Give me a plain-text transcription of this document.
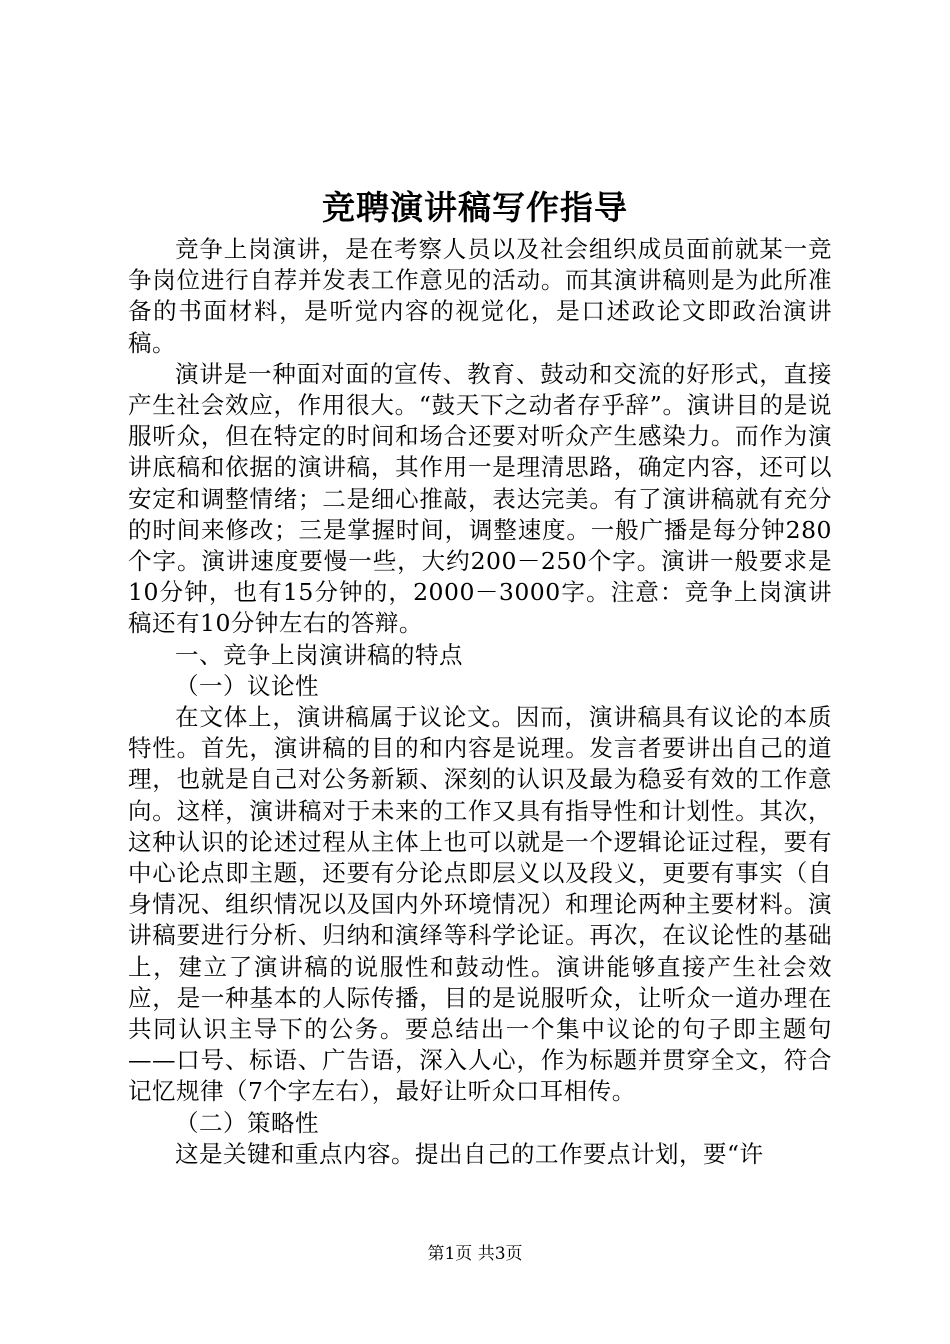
竞聘演讲稿写作指导

竞争上岗演讲，是在考察人员以及社会组织成员面前就某一竞争岗位进行自荐并发表工作意见的活动。而其演讲稿则是为此所准备的书面材料，是听觉内容的视觉化，是口述政论文即政治演讲稿。

演讲是一种面对面的宣传、教育、鼓动和交流的好形式，直接产生社会效应，作用很大。“鼓天下之动者存乎辞”。演讲目的是说服听众，但在特定的时间和场合还要对听众产生感染力。而作为演讲底稿和依据的演讲稿，其作用一是理清思路，确定内容，还可以安定和调整情绪；二是细心推敲，表达完美。有了演讲稿就有充分的时间来修改；三是掌握时间，调整速度。一般广播是每分钟280个字。演讲速度要慢一些，大约200－250个字。演讲一般要求是10分钟，也有15分钟的，2000－3000字。注意：竞争上岗演讲稿还有10分钟左右的答辩。

一、竞争上岗演讲稿的特点

（一）议论性

在文体上，演讲稿属于议论文。因而，演讲稿具有议论的本质特性。首先，演讲稿的目的和内容是说理。发言者要讲出自己的道理，也就是自己对公务新颖、深刻的认识及最为稳妥有效的工作意向。这样，演讲稿对于未来的工作又具有指导性和计划性。其次，这种认识的论述过程从主体上也可以就是一个逻辑论证过程，要有中心论点即主题，还要有分论点即层义以及段义，更要有事实（自身情况、组织情况以及国内外环境情况）和理论两种主要材料。演讲稿要进行分析、归纳和演绎等科学论证。再次，在议论性的基础上，建立了演讲稿的说服性和鼓动性。演讲能够直接产生社会效应，是一种基本的人际传播，目的是说服听众，让听众一道办理在共同认识主导下的公务。要总结出一个集中议论的句子即主题句——口号、标语、广告语，深入人心，作为标题并贯穿全文，符合记忆规律（7个字左右），最好让听众口耳相传。

（二）策略性

这是关键和重点内容。提出自己的工作要点计划，要“许

第1页 共3页
